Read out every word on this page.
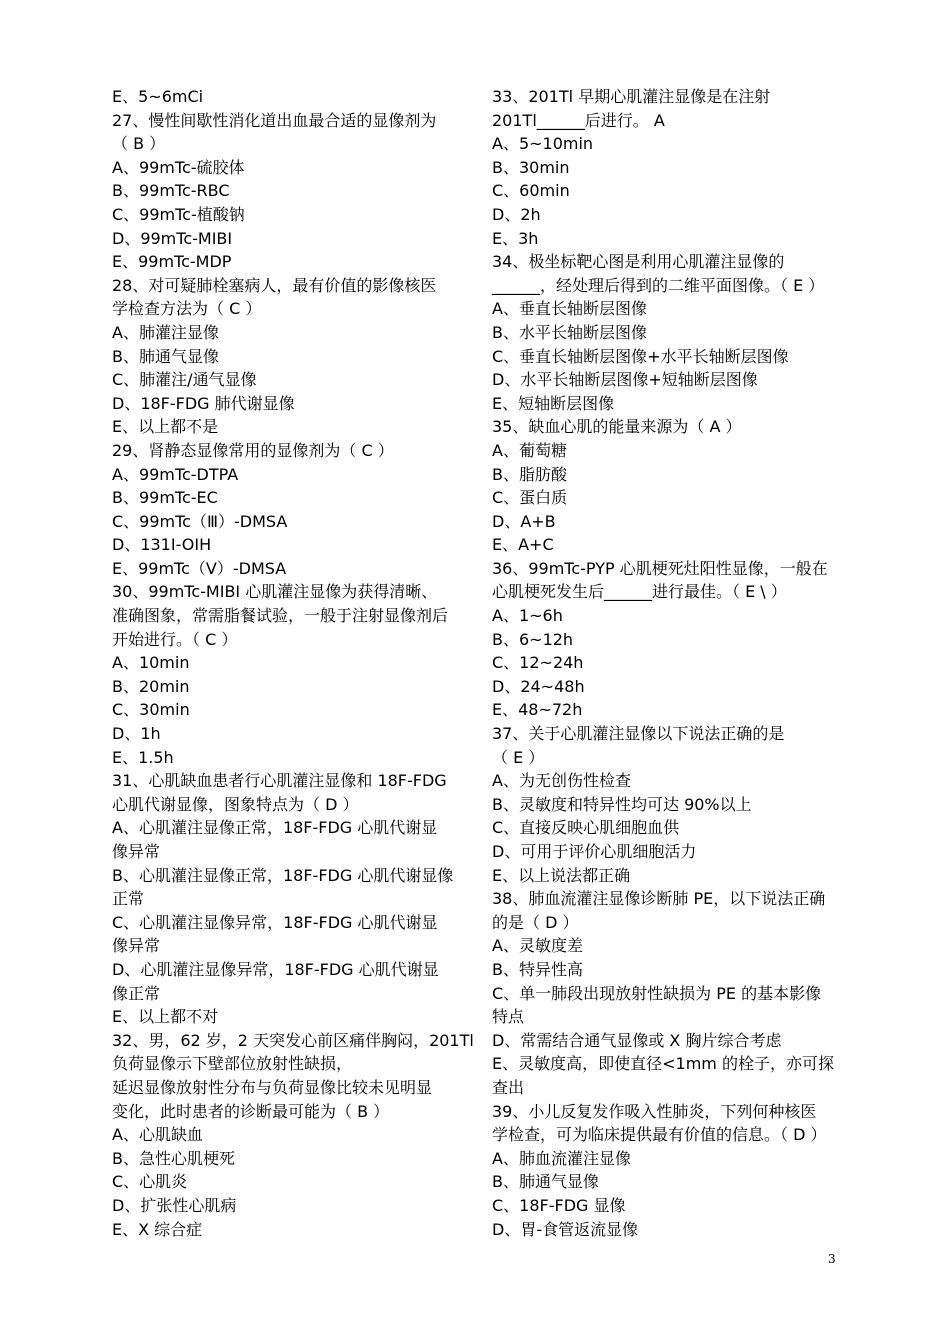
E、5~6mCi
27、慢性间歇性消化道出血最合适的显像剂为
（ B ）
A、99mTc-硫胶体
B、99mTc-RBC
C、99mTc-植酸钠
D、99mTc-MIBI
E、99mTc-MDP
28、对可疑肺栓塞病人，最有价值的影像核医
学检查方法为（ C ）
A、肺灌注显像
B、肺通气显像
C、肺灌注/通气显像
D、18F-FDG 肺代谢显像
E、以上都不是
29、肾静态显像常用的显像剂为（ C ）
A、99mTc-DTPA
B、99mTc-EC
C、99mTc（Ⅲ）-DMSA
D、131I-OIH
E、99mTc（Ⅴ）-DMSA
30、99mTc-MIBI 心肌灌注显像为获得清晰、
准确图象，常需脂餐试验，一般于注射显像剂后
开始进行。（ C ）
A、10min
B、20min
C、30min
D、1h
E、1.5h
31、心肌缺血患者行心肌灌注显像和 18F-FDG
心肌代谢显像，图象特点为（ D ）
A、心肌灌注显像正常，18F-FDG 心肌代谢显
像异常
B、心肌灌注显像正常，18F-FDG 心肌代谢显像
正常
C、心肌灌注显像异常，18F-FDG 心肌代谢显
像异常
D、心肌灌注显像异常，18F-FDG 心肌代谢显
像正常
E、以上都不对
32、男，62 岁，2 天突发心前区痛伴胸闷，201Tl
负荷显像示下壁部位放射性缺损，
延迟显像放射性分布与负荷显像比较未见明显
变化，此时患者的诊断最可能为（ B ）
A、心肌缺血
B、急性心肌梗死
C、心肌炎
D、扩张性心肌病
E、X 综合症
33、201Tl 早期心肌灌注显像是在注射
201Tl______后进行。 A
A、5~10min
B、30min
C、60min
D、2h
E、3h
34、极坐标靶心图是利用心肌灌注显像的
______，经处理后得到的二维平面图像。（ E ）
A、垂直长轴断层图像
B、水平长轴断层图像
C、垂直长轴断层图像+水平长轴断层图像
D、水平长轴断层图像+短轴断层图像
E、短轴断层图像
35、缺血心肌的能量来源为（ A ）
A、葡萄糖
B、脂肪酸
C、蛋白质
D、A+B
E、A+C
36、99mTc-PYP 心肌梗死灶阳性显像，一般在
心肌梗死发生后______进行最佳。（ E \ ）
A、1~6h
B、6~12h
C、12~24h
D、24~48h
E、48~72h
37、关于心肌灌注显像以下说法正确的是
（ E ）
A、为无创伤性检查
B、灵敏度和特异性均可达 90%以上
C、直接反映心肌细胞血供
D、可用于评价心肌细胞活力
E、以上说法都正确
38、肺血流灌注显像诊断肺 PE，以下说法正确
的是（ D ）
A、灵敏度差
B、特异性高
C、单一肺段出现放射性缺损为 PE 的基本影像
特点
D、常需结合通气显像或 X 胸片综合考虑
E、灵敏度高，即使直径<1mm 的栓子，亦可探
查出
39、小儿反复发作吸入性肺炎，下列何种核医
学检查，可为临床提供最有价值的信息。（ D ）
A、肺血流灌注显像
B、肺通气显像
C、18F-FDG 显像
D、胃-食管返流显像
3
